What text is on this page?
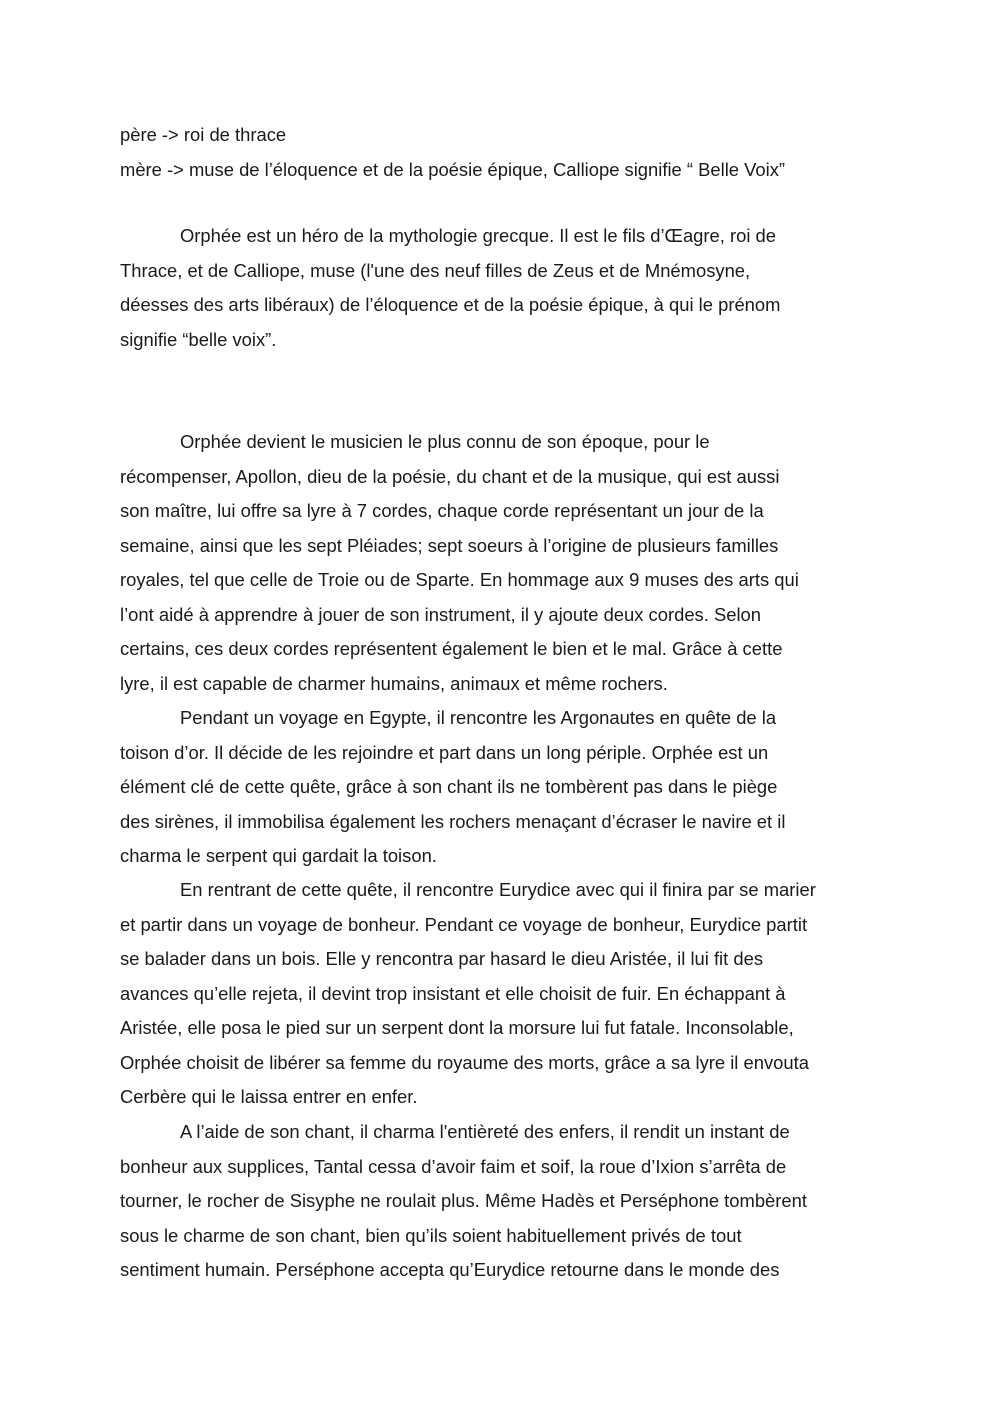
père -> roi de thrace
mère -> muse de l’éloquence et de la poésie épique, Calliope signifie “ Belle Voix”
Orphée est un héro de la mythologie grecque. Il est le fils d’Œagre, roi de
Thrace, et de Calliope, muse (l'une des neuf filles de Zeus et de Mnémosyne,
déesses des arts libéraux) de l’éloquence et de la poésie épique, à qui le prénom
signifie “belle voix”.
Orphée devient le musicien le plus connu de son époque, pour le
récompenser, Apollon, dieu de la poésie, du chant et de la musique, qui est aussi
son maître, lui offre sa lyre à 7 cordes, chaque corde représentant un jour de la
semaine, ainsi que les sept Pléiades; sept soeurs à l’origine de plusieurs familles
royales, tel que celle de Troie ou de Sparte. En hommage aux 9 muses des arts qui
l’ont aidé à apprendre à jouer de son instrument, il y ajoute deux cordes. Selon
certains, ces deux cordes représentent également le bien et le mal. Grâce à cette
lyre, il est capable de charmer humains, animaux et même rochers.
Pendant un voyage en Egypte, il rencontre les Argonautes en quête de la
toison d’or. Il décide de les rejoindre et part dans un long périple. Orphée est un
élément clé de cette quête, grâce à son chant ils ne tombèrent pas dans le piège
des sirènes, il immobilisa également les rochers menaçant d’écraser le navire et il
charma le serpent qui gardait la toison.
En rentrant de cette quête, il rencontre Eurydice avec qui il finira par se marier
et partir dans un voyage de bonheur. Pendant ce voyage de bonheur, Eurydice partit
se balader dans un bois. Elle y rencontra par hasard le dieu Aristée, il lui fit des
avances qu’elle rejeta, il devint trop insistant et elle choisit de fuir. En échappant à
Aristée, elle posa le pied sur un serpent dont la morsure lui fut fatale. Inconsolable,
Orphée choisit de libérer sa femme du royaume des morts, grâce a sa lyre il envouta
Cerbère qui le laissa entrer en enfer.
A l’aide de son chant, il charma l'entièreté des enfers, il rendit un instant de
bonheur aux supplices, Tantal cessa d’avoir faim et soif, la roue d’Ixion s’arrêta de
tourner, le rocher de Sisyphe ne roulait plus. Même Hadès et Perséphone tombèrent
sous le charme de son chant, bien qu’ils soient habituellement privés de tout
sentiment humain. Perséphone accepta qu’Eurydice retourne dans le monde des
